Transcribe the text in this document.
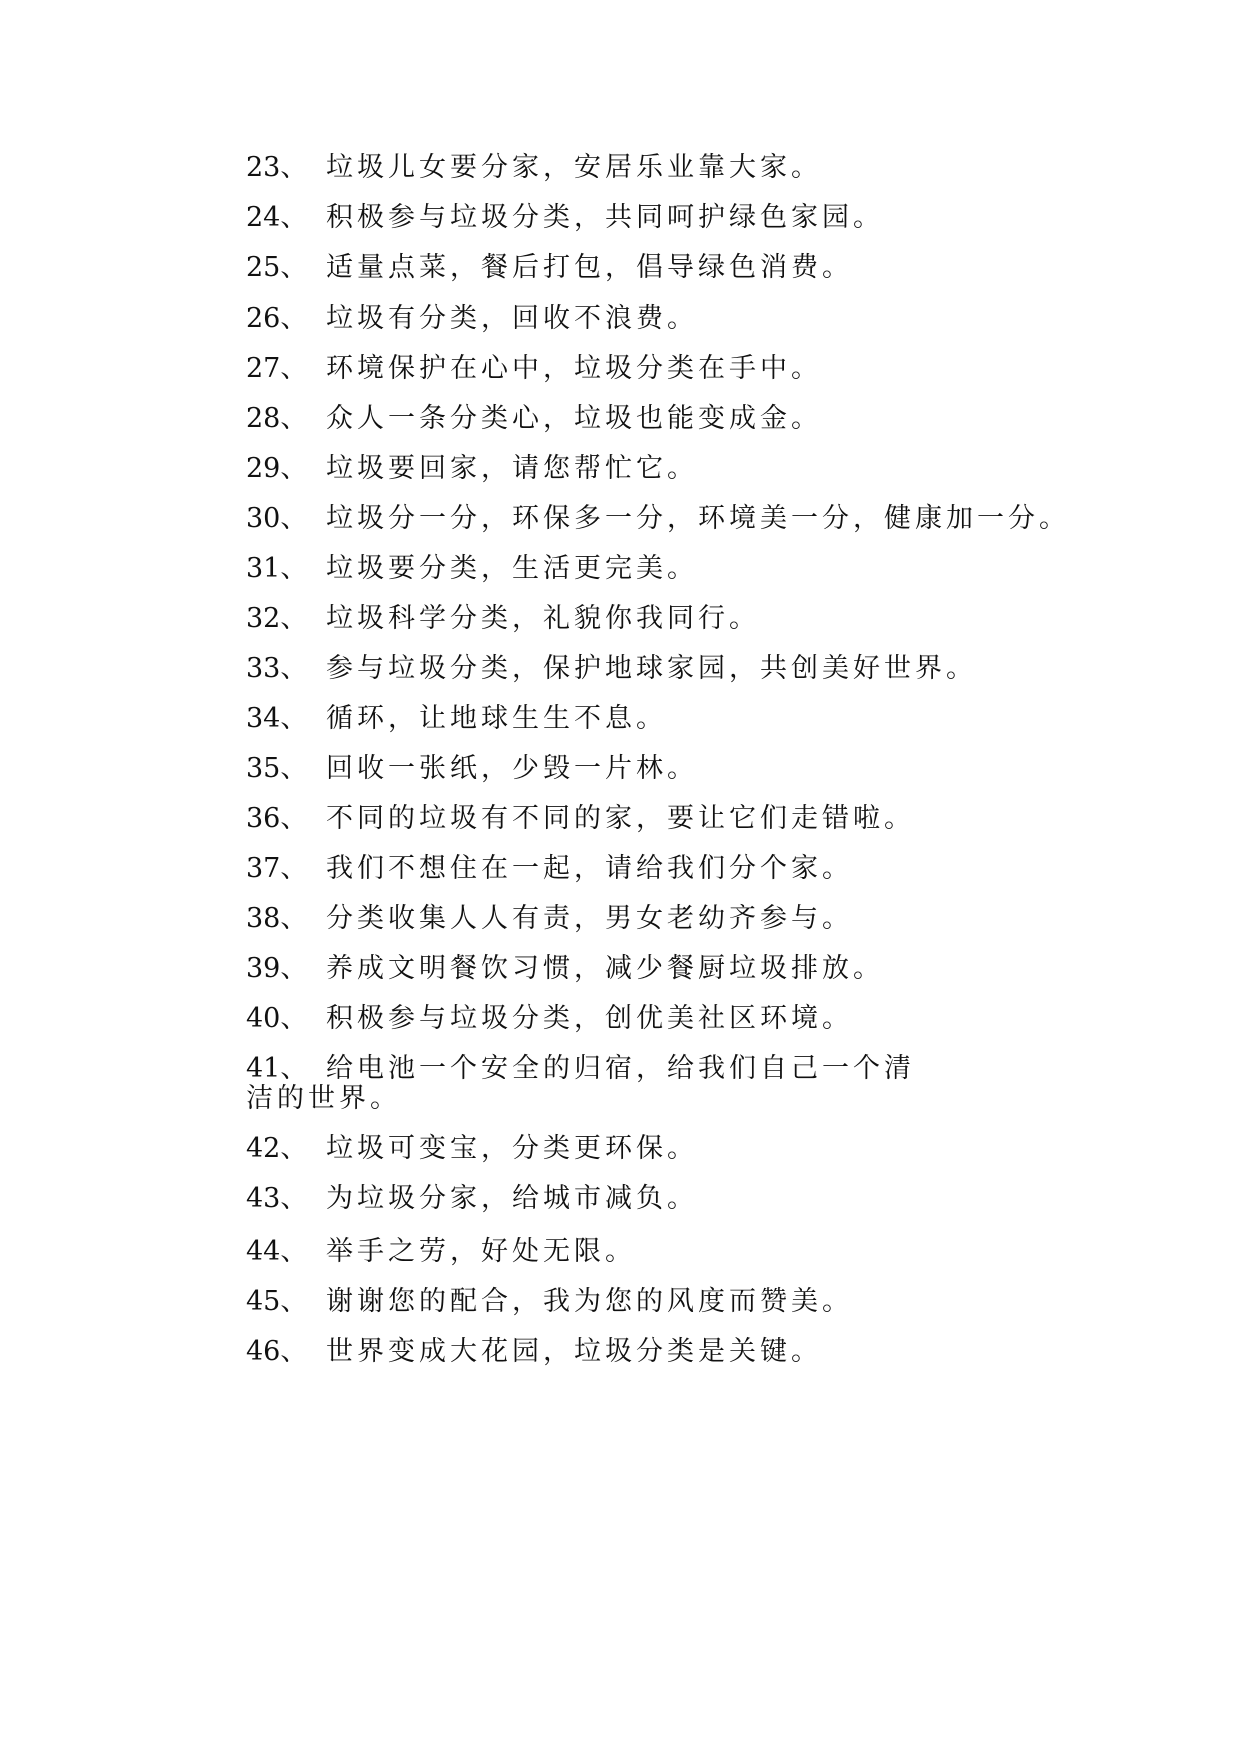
23、 垃圾儿女要分家，安居乐业靠大家。
24、 积极参与垃圾分类，共同呵护绿色家园。
25、 适量点菜，餐后打包，倡导绿色消费。
26、 垃圾有分类，回收不浪费。
27、 环境保护在心中，垃圾分类在手中。
28、 众人一条分类心，垃圾也能变成金。
29、 垃圾要回家，请您帮忙它。
30、 垃圾分一分，环保多一分，环境美一分，健康加一分。
31、 垃圾要分类，生活更完美。
32、 垃圾科学分类，礼貌你我同行。
33、 参与垃圾分类，保护地球家园，共创美好世界。
34、 循环，让地球生生不息。
35、 回收一张纸，少毁一片林。
36、 不同的垃圾有不同的家，要让它们走错啦。
37、 我们不想住在一起，请给我们分个家。
38、 分类收集人人有责，男女老幼齐参与。
39、 养成文明餐饮习惯，减少餐厨垃圾排放。
40、 积极参与垃圾分类，创优美社区环境。
41、 给电池一个安全的归宿，给我们自己一个清洁的世界。
42、 垃圾可变宝，分类更环保。
43、 为垃圾分家，给城市减负。
44、 举手之劳，好处无限。
45、 谢谢您的配合，我为您的风度而赞美。
46、 世界变成大花园，垃圾分类是关键。
